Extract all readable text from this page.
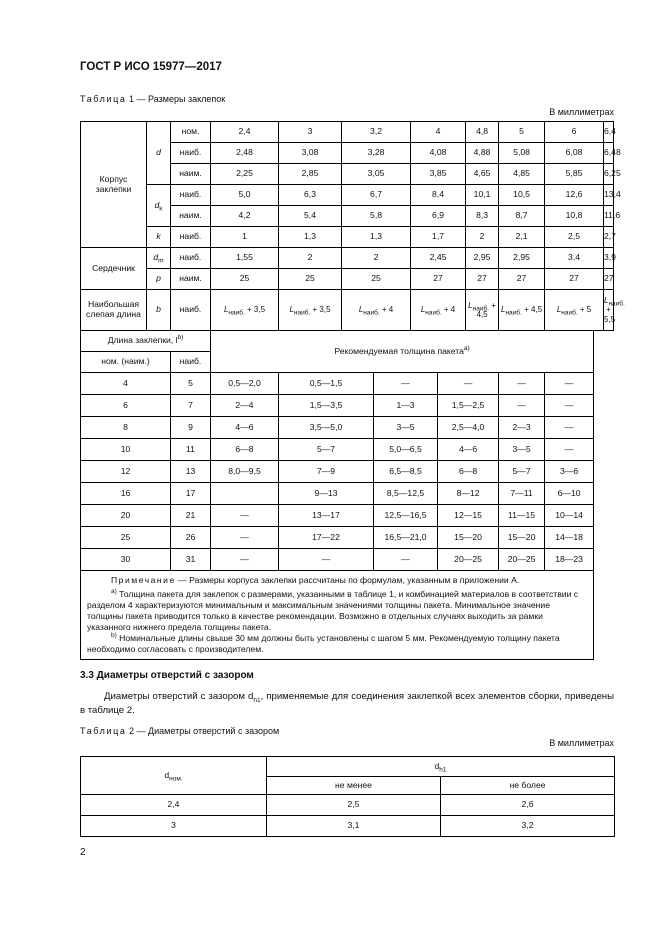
ГОСТ Р ИСО 15977—2017
Таблица 1 — Размеры заклепок
В миллиметрах
Корпус заклепки	d	ном.	2,4	3	3,2		4		4,8	5	6	6,4
		наиб.	2,48	3,08	3,28		4,08		4,88	5,08	6,08	6,48
		наим.	2,25	2,85	3,05		3,85		4,65	4,85	5,85	6,25
	$d_k$	наиб.	5,0	6,3	6,7		8,4		10,1	10,5	12,6	13,4
		наим.	4,2	5,4	5,8		6,9		8,3	8,7	10,8	11,6
	k	наиб.	1	1,3	1,3		1,7		2	2,1	2,5	2,7
Сердечник	$d_m$	наиб.	1,55	2	2		2,45		2,95	2,95	3,4	3,9
	p	наим.	25	25	25		27		27	27	27	27
Наибольшая слепая длина	b	наиб.	$L_{наиб.} + 3,5$	$L_{наиб.} + 3,5$	$L_{наиб.} + 4$		$L_{наиб.} + 4$		$L_{наиб.} + 4,5$	$L_{наиб.} + 4,5$	$L_{наиб.} + 5$	$L_{наиб.} + 5,5$
Длина заклепки, $l^{b)}$			Рекомендуемая толщина пакета$^{а)}$
ном. (наим.)		наиб.										
4		5	0,5—2,0	0,5—1,5		—		—		—	—	
6		7	2—4	1,5—3,5		1—3		1,5—2,5		—	—	
8		9	4—6	3,5—5,0		3—5		2,5—4,0		2—3	—	
10		11	6—8	5—7		5,0—6,5		4—6		3—5	—	
12		13	8,0—9,5	7—9		6,5—8,5		6—8		5—7	3—6	
16		17		9—13		8,5—12,5		8—12		7—11	6—10	
20		21	—	13—17		12,5—16,5		12—15		11—15	10—14	
25		26	—	17—22		16,5—21,0		15—20		15—20	14—18	
30		31	—	—		—		20—25		20—25	18—23	

Примечание — Размеры корпуса заклепки рассчитаны по формулам, указанным в приложении А.

$^{а)}$ Толщина пакета для заклепок с размерами, указанными в таблице 1, и комбинацией материалов в соответствии с разделом 4 характеризуются минимальным и максимальным значениями толщины пакета. Минимальное значение толщины пакета приводится только в качестве рекомендации. Возможно в отдельных случаях выходить за рамки указанного нижнего предела толщины пакета.

$^{b)}$ Номинальные длины свыше 30 мм должны быть установлены с шагом 5 мм. Рекомендуемую толщину пакета необходимо согласовать с производителем.												

3.3 Диаметры отверстий с зазором
Диаметры отверстий с зазором $d_{h1}$, применяемые для соединения заклепкой всех элементов сборки, приведены в таблице 2.
Таблица 2 — Диаметры отверстий с зазором
В миллиметрах
$d_{ном.}$	$d_{h1}$
	не менее	не более
2,4	2,5	2,6
3	3,1	3,2
2
